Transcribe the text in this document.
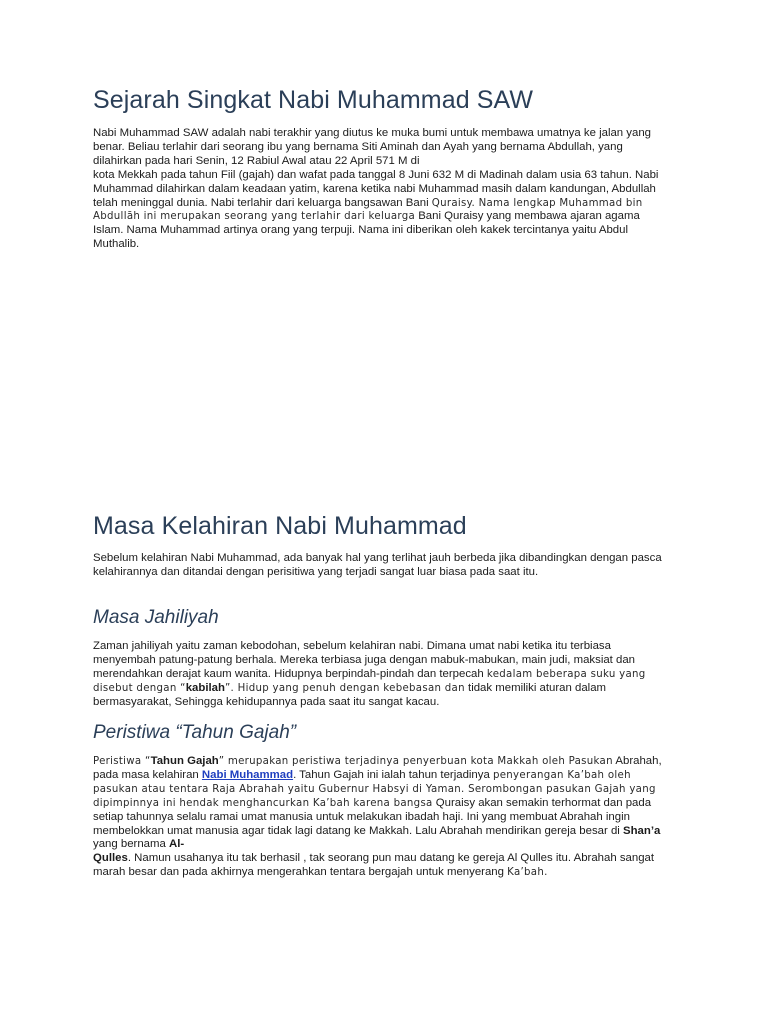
Sejarah Singkat Nabi Muhammad SAW

Nabi Muhammad SAW adalah nabi terakhir yang diutus ke muka bumi untuk membawa umatnya ke jalan yang benar. Beliau terlahir dari seorang ibu yang bernama Siti Aminah dan Ayah yang bernama Abdullah, yang dilahirkan pada hari Senin, 12 Rabiul Awal atau 22 April 571 M di
kota Mekkah pada tahun Fiil (gajah) dan wafat pada tanggal 8 Juni 632 M di Madinah dalam usia 63 tahun. Nabi Muhammad dilahirkan dalam keadaan yatim, karena ketika nabi Muhammad masih dalam kandungan, Abdullah telah meninggal dunia. Nabi terlahir dari keluarga bangsawan Bani Quraisy. Nama lengkap Muhammad bin Abdullāh ini merupakan seorang yang terlahir dari keluarga Bani Quraisy yang membawa ajaran agama Islam. Nama Muhammad artinya orang yang terpuji. Nama ini diberikan oleh kakek tercintanya yaitu Abdul Muthalib.

Masa Kelahiran Nabi Muhammad

Sebelum kelahiran Nabi Muhammad, ada banyak hal yang terlihat jauh berbeda jika dibandingkan dengan pasca kelahirannya dan ditandai dengan perisitiwa yang terjadi sangat luar biasa pada saat itu.

Masa Jahiliyah

Zaman jahiliyah yaitu zaman kebodohan, sebelum kelahiran nabi. Dimana umat nabi ketika itu terbiasa menyembah patung-patung berhala. Mereka terbiasa juga dengan mabuk-mabukan, main judi, maksiat dan merendahkan derajat kaum wanita. Hidupnya berpindah-pindah dan terpecah kedalam beberapa suku yang disebut dengan “kabilah”. Hidup yang penuh dengan kebebasan dan tidak memiliki aturan dalam bermasyarakat, Sehingga kehidupannya pada saat itu sangat kacau.

Peristiwa “Tahun Gajah”

Peristiwa “Tahun Gajah” merupakan peristiwa terjadinya penyerbuan kota Makkah oleh Pasukan Abrahah, pada masa kelahiran Nabi Muhammad. Tahun Gajah ini ialah tahun terjadinya penyerangan Ka’bah oleh pasukan atau tentara Raja Abrahah yaitu Gubernur Habsyi di Yaman. Serombongan pasukan Gajah yang dipimpinnya ini hendak menghancurkan Ka’bah karena bangsa Quraisy akan semakin terhormat dan pada setiap tahunnya selalu ramai umat manusia untuk melakukan ibadah haji. Ini yang membuat Abrahah ingin membelokkan umat manusia agar tidak lagi datang ke Makkah. Lalu Abrahah mendirikan gereja besar di Shan’a yang bernama Al-
Qulles. Namun usahanya itu tak berhasil , tak seorang pun mau datang ke gereja Al Qulles itu. Abrahah sangat marah besar dan pada akhirnya mengerahkan tentara bergajah untuk menyerang Ka’bah.
